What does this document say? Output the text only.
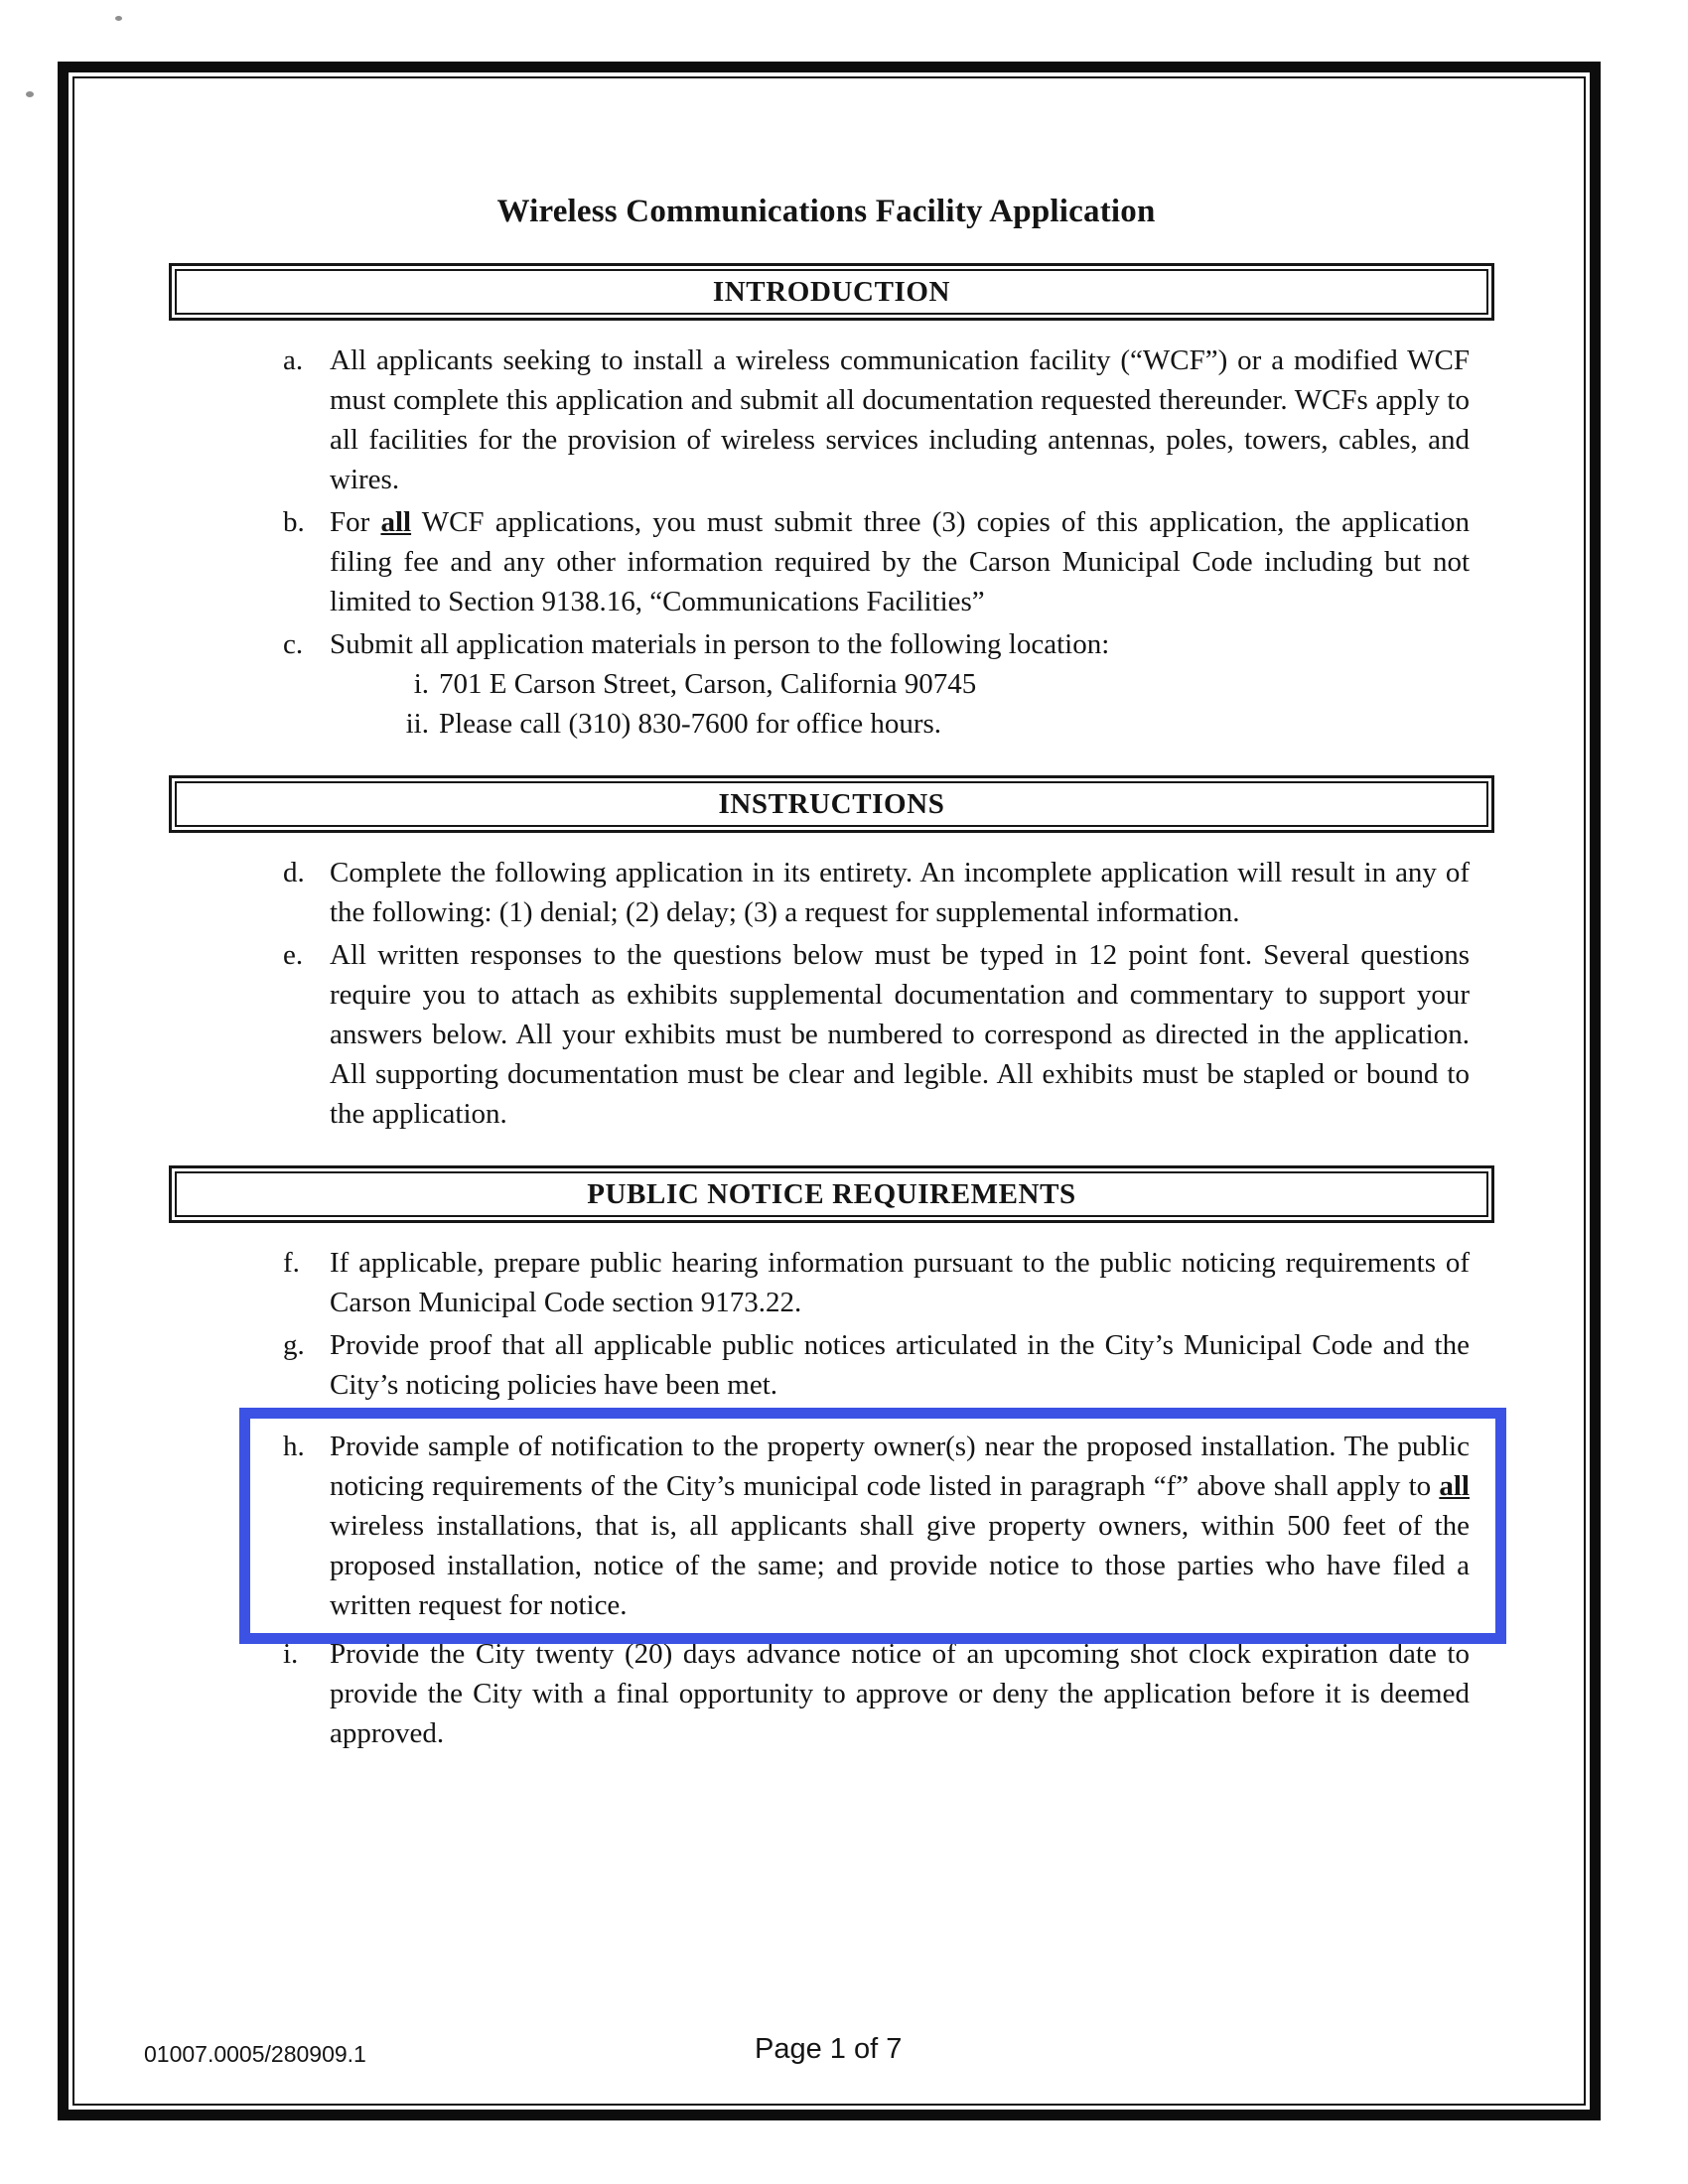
Wireless Communications Facility Application
INTRODUCTION
a. All applicants seeking to install a wireless communication facility (“WCF”) or a modified WCF must complete this application and submit all documentation requested thereunder. WCFs apply to all facilities for the provision of wireless services including antennas, poles, towers, cables, and wires.
b. For all WCF applications, you must submit three (3) copies of this application, the application filing fee and any other information required by the Carson Municipal Code including but not limited to Section 9138.16, “Communications Facilities”
c. Submit all application materials in person to the following location:
i. 701 E Carson Street, Carson, California 90745
ii. Please call (310) 830-7600 for office hours.
INSTRUCTIONS
d. Complete the following application in its entirety. An incomplete application will result in any of the following: (1) denial; (2) delay; (3) a request for supplemental information.
e. All written responses to the questions below must be typed in 12 point font. Several questions require you to attach as exhibits supplemental documentation and commentary to support your answers below. All your exhibits must be numbered to correspond as directed in the application. All supporting documentation must be clear and legible. All exhibits must be stapled or bound to the application.
PUBLIC NOTICE REQUIREMENTS
f.	If applicable, prepare public hearing information pursuant to the public noticing requirements of Carson Municipal Code section 9173.22.
g. Provide proof that all applicable public notices articulated in the City’s Municipal Code and the City’s noticing policies have been met.
h. Provide sample of notification to the property owner(s) near the proposed installation. The public noticing requirements of the City’s municipal code listed in paragraph “f” above shall apply to all wireless installations, that is, all applicants shall give property owners, within 500 feet of the proposed installation, notice of the same; and provide notice to those parties who have filed a written request for notice.
i.	Provide the City twenty (20) days advance notice of an upcoming shot clock expiration date to provide the City with a final opportunity to approve or deny the application before it is deemed approved.
01007.0005/280909.1	Page 1 of 7
